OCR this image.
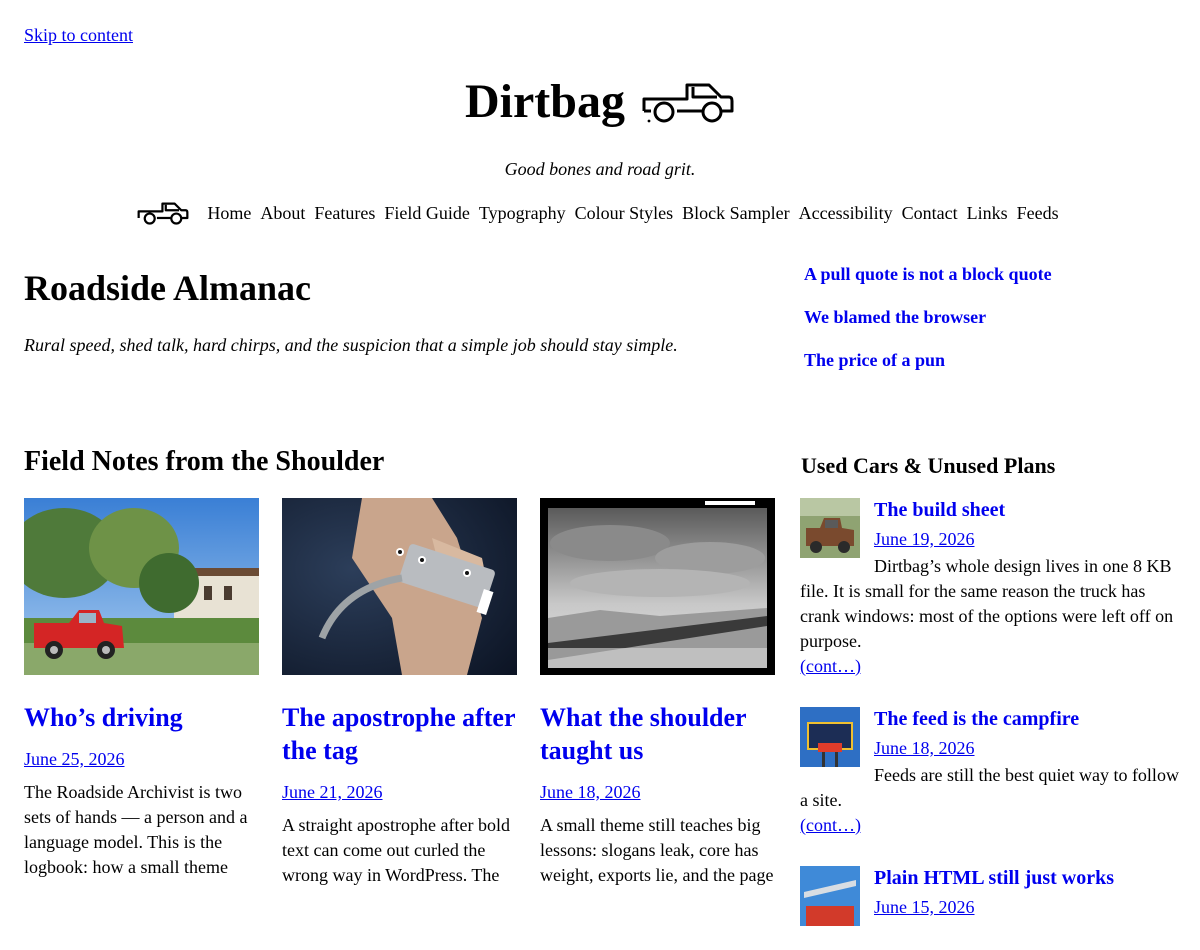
Skip to content
Dirtbag
Good bones and road grit.
Home About Features Field Guide Typography Colour Styles Block Sampler Accessibility Contact Links Feeds
Roadside Almanac

Rural speed, shed talk, hard chirps, and the suspicion that a simple job should stay simple.

A pull quote is not a block quote
We blamed the browser
The price of a pun
Field Notes from the Shoulder
Who’s driving
June 25, 2026

The Roadside Archivist is two sets of hands — a person and a language model. This is the logbook: how a small theme

The apostrophe after the tag
June 21, 2026

A straight apostrophe after bold text can come out curled the wrong way in WordPress. The

What the shoulder taught us
June 18, 2026

A small theme still teaches big lessons: slogans leak, core has weight, exports lie, and the page

Used Cars & Unused Plans
The build sheet
June 19, 2026

Dirtbag’s whole design lives in one 8 KB file. It is small for the same reason the truck has crank windows: most of the options were left off on purpose.

(cont…)
The feed is the campfire
June 18, 2026

Feeds are still the best quiet way to follow a site.

(cont…)
Plain HTML still just works
June 15, 2026
